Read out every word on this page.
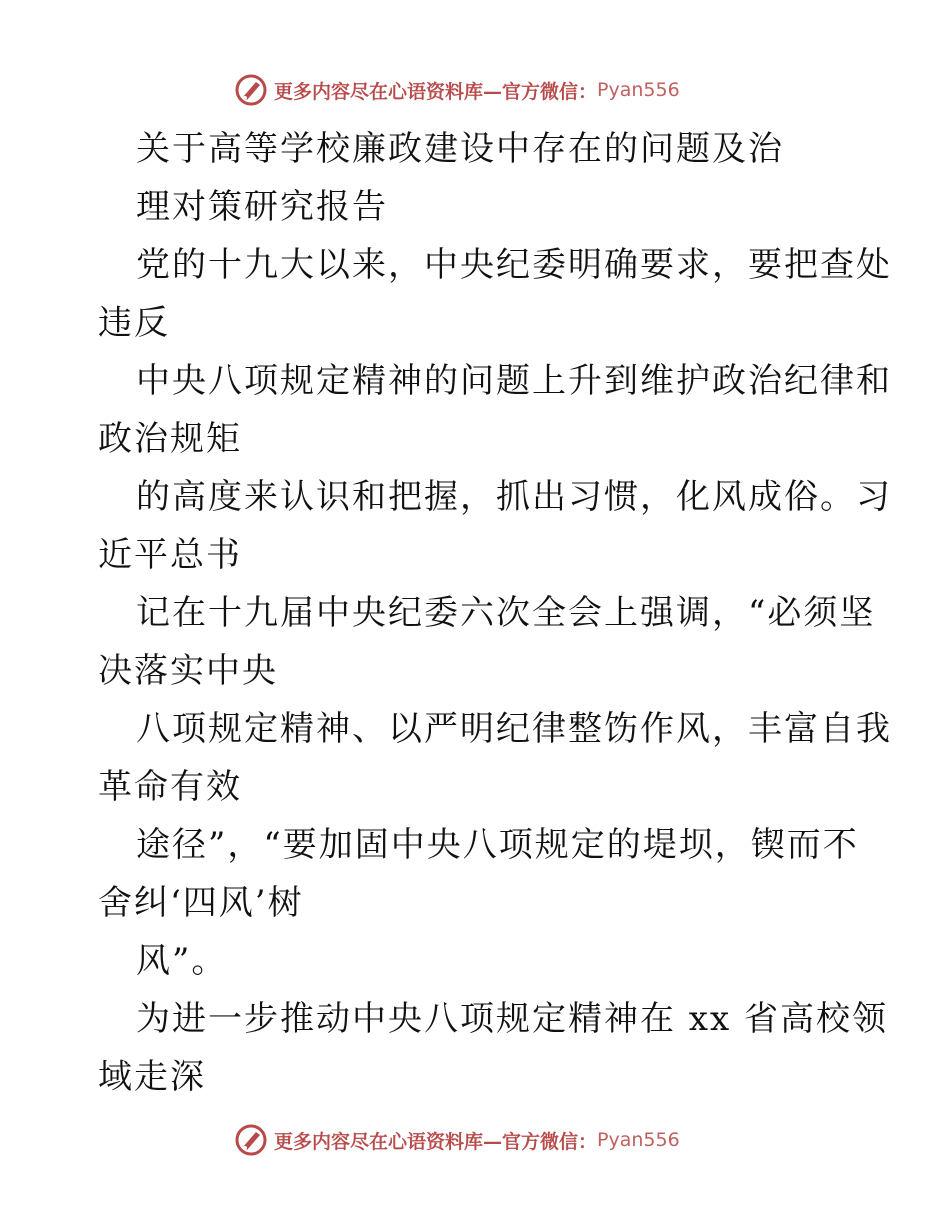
更多内容尽在心语资料库—官方微信： Pyan556
关于高等学校廉政建设中存在的问题及治
理对策研究报告
党的十九大以来，中央纪委明确要求，要把查处
违反
中央八项规定精神的问题上升到维护政治纪律和
政治规矩
的高度来认识和把握，抓出习惯，化风成俗。习
近平总书
记在十九届中央纪委六次全会上强调，“必须坚
决落实中央
八项规定精神、以严明纪律整饬作风，丰富自我
革命有效
途径”，“要加固中央八项规定的堤坝，锲而不
舍纠‘四风’树
风”。
为进一步推动中央八项规定精神在 xx 省高校领
域走深
更多内容尽在心语资料库—官方微信： Pyan556
